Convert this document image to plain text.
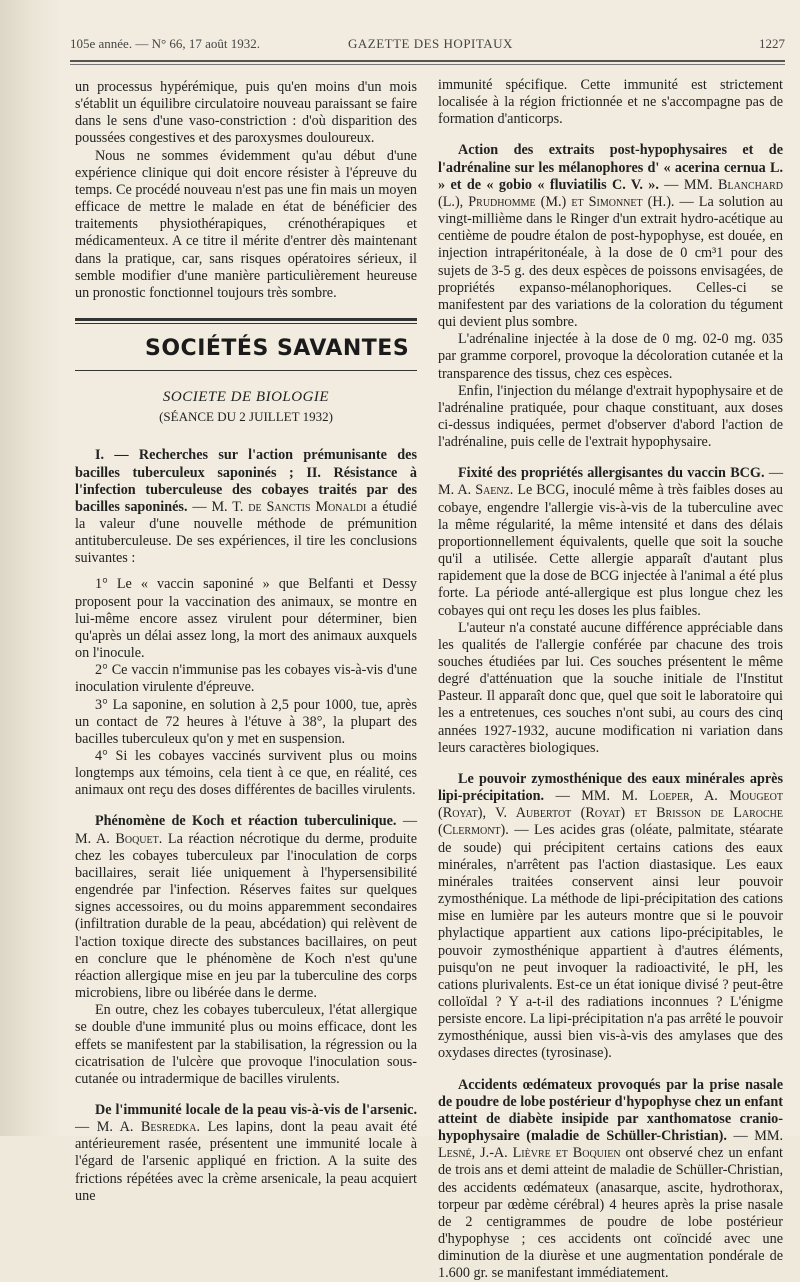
105e année. — N° 66, 17 août 1932.	GAZETTE DES HOPITAUX	1227

un processus hypérémique, puis qu'en moins d'un mois s'établit un équilibre circulatoire nouveau paraissant se faire dans le sens d'une vaso-constriction : d'où disparition des poussées congestives et des paroxysmes douloureux.

Nous ne sommes évidemment qu'au début d'une expérience clinique qui doit encore résister à l'épreuve du temps. Ce procédé nouveau n'est pas une fin mais un moyen efficace de mettre le malade en état de bénéficier des traitements physiothérapiques, crénothérapiques et médicamenteux. A ce titre il mérite d'entrer dès maintenant dans la pratique, car, sans risques opératoires sérieux, il semble modifier d'une manière particulièrement heureuse un pronostic fonctionnel toujours très sombre.

SOCIÉTÉS SAVANTES
SOCIETE DE BIOLOGIE
(SÉANCE DU 2 JUILLET 1932)

I. — Recherches sur l'action prémunisante des bacilles tuberculeux saponinés ; II. Résistance à l'infection tuberculeuse des cobayes traités par des bacilles saponinés. — M. T. de Sanctis Monaldi a étudié la valeur d'une nouvelle méthode de prémunition antituberculeuse. De ses expériences, il tire les conclusions suivantes :

1° Le « vaccin saponiné » que Belfanti et Dessy proposent pour la vaccination des animaux, se montre en lui-même encore assez virulent pour déterminer, bien qu'après un délai assez long, la mort des animaux auxquels on l'inocule.

2° Ce vaccin n'immunise pas les cobayes vis-à-vis d'une inoculation virulente d'épreuve.

3° La saponine, en solution à 2,5 pour 1000, tue, après un contact de 72 heures à l'étuve à 38°, la plupart des bacilles tuberculeux qu'on y met en suspension.

4° Si les cobayes vaccinés survivent plus ou moins longtemps aux témoins, cela tient à ce que, en réalité, ces animaux ont reçu des doses différentes de bacilles virulents.

Phénomène de Koch et réaction tuberculinique. — M. A. Boquet. La réaction nécrotique du derme, produite chez les cobayes tuberculeux par l'inoculation de corps bacillaires, serait liée uniquement à l'hypersensibilité engendrée par l'infection. Réserves faites sur quelques signes accessoires, ou du moins apparemment secondaires (infiltration durable de la peau, abcédation) qui relèvent de l'action toxique directe des substances bacillaires, on peut en conclure que le phénomène de Koch n'est qu'une réaction allergique mise en jeu par la tuberculine des corps microbiens, libre ou libérée dans le derme.

En outre, chez les cobayes tuberculeux, l'état allergique se double d'une immunité plus ou moins efficace, dont les effets se manifestent par la stabilisation, la régression ou la cicatrisation de l'ulcère que provoque l'inoculation sous-cutanée ou intradermique de bacilles virulents.

De l'immunité locale de la peau vis-à-vis de l'arsenic. — M. A. Besredka. Les lapins, dont la peau avait été antérieurement rasée, présentent une immunité locale à l'égard de l'arsenic appliqué en friction. A la suite des frictions répétées avec la crème arsenicale, la peau acquiert une

immunité spécifique. Cette immunité est strictement localisée à la région frictionnée et ne s'accompagne pas de formation d'anticorps.

Action des extraits post-hypophysaires et de l'adrénaline sur les mélanophores d' « acerina cernua L. » et de « gobio « fluviatilis C. V. ». — MM. Blanchard (L.), Prudhomme (M.) et Simonnet (H.). — La solution au vingt-millième dans le Ringer d'un extrait hydro-acétique au centième de poudre étalon de post-hypophyse, est douée, en injection intrapéritonéale, à la dose de 0 cm³1 pour des sujets de 3-5 g. des deux espèces de poissons envisagées, de propriétés expanso-mélanophoriques. Celles-ci se manifestent par des variations de la coloration du tégument qui devient plus sombre.

L'adrénaline injectée à la dose de 0 mg. 02-0 mg. 035 par gramme corporel, provoque la décoloration cutanée et la transparence des tissus, chez ces espèces.

Enfin, l'injection du mélange d'extrait hypophysaire et de l'adrénaline pratiquée, pour chaque constituant, aux doses ci-dessus indiquées, permet d'observer d'abord l'action de l'adrénaline, puis celle de l'extrait hypophysaire.

Fixité des propriétés allergisantes du vaccin BCG. — M. A. Saenz. Le BCG, inoculé même à très faibles doses au cobaye, engendre l'allergie vis-à-vis de la tuberculine avec la même régularité, la même intensité et dans des délais proportionnellement équivalents, quelle que soit la souche qu'il a utilisée. Cette allergie apparaît d'autant plus rapidement que la dose de BCG injectée à l'animal a été plus forte. La période anté-allergique est plus longue chez les cobayes qui ont reçu les doses les plus faibles.

L'auteur n'a constaté aucune différence appréciable dans les qualités de l'allergie conférée par chacune des trois souches étudiées par lui. Ces souches présentent le même degré d'atténuation que la souche initiale de l'Institut Pasteur. Il apparaît donc que, quel que soit le laboratoire qui les a entretenues, ces souches n'ont subi, au cours des cinq années 1927-1932, aucune modification ni variation dans leurs caractères biologiques.

Le pouvoir zymosthénique des eaux minérales après lipi-précipitation. — MM. M. Loeper, A. Mougeot (Royat), V. Aubertot (Royat) et Brisson de Laroche (Clermont). — Les acides gras (oléate, palmitate, stéarate de soude) qui précipitent certains cations des eaux minérales, n'arrêtent pas l'action diastasique. Les eaux minérales traitées conservent ainsi leur pouvoir zymosthénique. La méthode de lipi-précipitation des cations mise en lumière par les auteurs montre que si le pouvoir phylactique appartient aux cations lipo-précipitables, le pouvoir zymosthénique appartient à d'autres éléments, puisqu'on ne peut invoquer la radioactivité, le pH, les cations plurivalents. Est-ce un état ionique divisé ? peut-être colloïdal ? Y a-t-il des radiations inconnues ? L'énigme persiste encore. La lipi-précipitation n'a pas arrêté le pouvoir zymosthénique, aussi bien vis-à-vis des amylases que des oxydases directes (tyrosinase).

Accidents œdémateux provoqués par la prise nasale de poudre de lobe postérieur d'hypophyse chez un enfant atteint de diabète insipide par xanthomatose cranio-hypophysaire (maladie de Schüller-Christian). — MM. Lesné, J.-A. Lièvre et Boquien ont observé chez un enfant de trois ans et demi atteint de maladie de Schüller-Christian, des accidents œdémateux (anasarque, ascite, hydrothorax, torpeur par œdème cérébral) 4 heures après la prise nasale de 2 centigrammes de poudre de lobe postérieur d'hypophyse ; ces accidents ont coïncidé avec une diminution de la diurèse et une augmentation pondérale de 1.600 gr. se manifestant immédiatement.
